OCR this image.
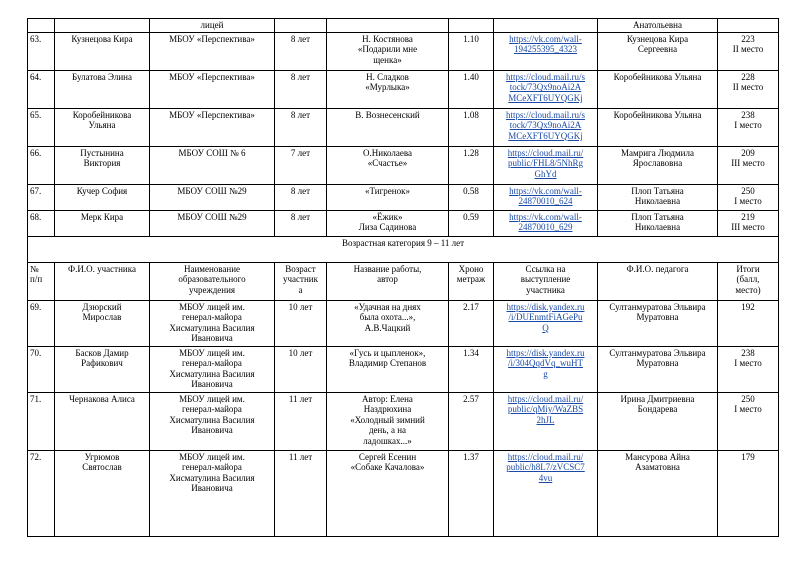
		лицей					Анатольевна	
63.	Кузнецова Кира	МБОУ «Перспектива»	8 лет	Н. Костянова
«Подарили мне
щенка»	1.10	https://vk.com/wall-
194255395_4323	Кузнецова Кира
Сергеевна	223
II место
64.	Булатова Элина	МБОУ «Перспектива»	8 лет	Н. Сладков
«Мурлыка»	1.40	https://cloud.mail.ru/s
tock/73Qx9noAi2A
MCeXFT6UYQGKj	Коробейникова Ульяна	228
II место
65.	Коробейникова
Ульяна	МБОУ «Перспектива»	8 лет	В. Вознесенский	1.08	https://cloud.mail.ru/s
tock/73Qx9noAi2A
MCeXFT6UYQGKj	Коробейникова Ульяна	238
I место
66.	Пустынина
Виктория	МБОУ СОШ № 6	7 лет	О.Николаева
«Счастье»	1.28	https://cloud.mail.ru/
public/FHL8/5NhRg
GhYd	Мамрига Людмила
Ярославовна	209
III место
67.	Кучер София	МБОУ СОШ №29	8 лет	«Тигренок»	0.58	https://vk.com/wall-
24870010_624	Плоп Татьяна
Николаевна	250
I место
68.	Мерк Кира	МБОУ СОШ №29	8 лет	«Ёжик»
Лиза Садинова	0.59	https://vk.com/wall-
24870010_629	Плоп Татьяна
Николаевна	219
III место
Возрастная категория 9 – 11 лет								
№
п/п	Ф.И.О. участника	Наименование
образовательного
учреждения	Возраст
участник
а	Название работы,
автор	Хроно
метраж	Ссылка на
выступление
участника	Ф.И.О. педагога	Итоги
(балл,
место)
69.	Дзюрский
Мирослав	МБОУ лицей им.
генерал-майора
Хисматулина Василия
Ивановича	10 лет	«Удачная на днях
была охота...»,
А.В.Чацкий	2.17	https://disk.yandex.ru
/i/DUEnmtFiAGePu
Q	Султанмуратова Эльвира
Муратовна	192
70.	Басков Дамир
Рафикович	МБОУ лицей им.
генерал-майора
Хисматулина Василия
Ивановича	10 лет	«Гусь и цыпленок»,
Владимир Степанов	1.34	https://disk.yandex.ru
/i/304QqdVq_wuHT
g	Султанмуратова Эльвира
Муратовна	238
I место
71.	Чернакова Алиса	МБОУ лицей им.
генерал-майора
Хисматулина Василия
Ивановича	11 лет	Автор: Елена
Наздрюхина
«Холодный зимний
день, а на
ладошках...»	2.57	https://cloud.mail.ru/
public/qMiy/WaZBS
2hJL	Ирина Дмитриевна
Бондарева	250
I место
72.	Угрюмов
Святослав	МБОУ лицей им.
генерал-майора
Хисматулина Василия
Ивановича	11 лет	Сергей Есенин
«Собаке Качалова»	1.37	https://cloud.mail.ru/
public/h8L7/zVCSC7
4vu	Мансурова Айна
Азаматовна	179
